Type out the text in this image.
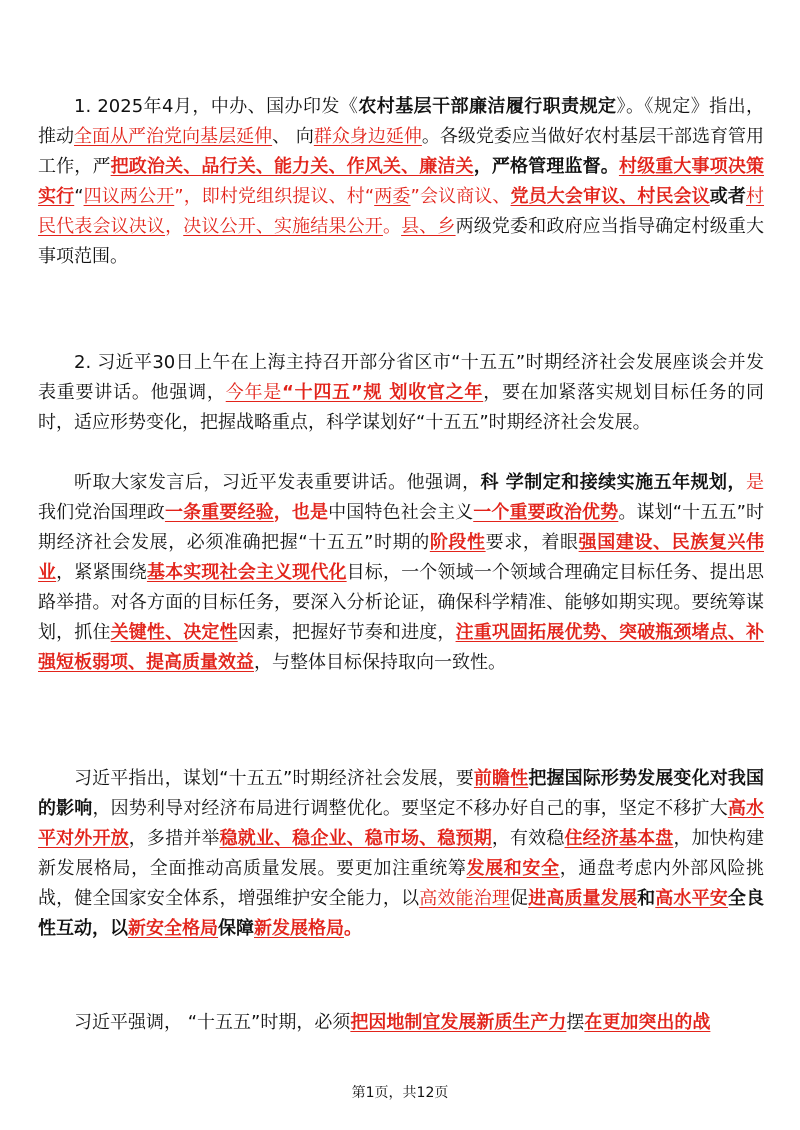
1. 2025年4月，中办、国办印发《农村基层干部廉洁履行职责规定》。《规定》指出，推动全面从严治党向基层延伸、 向群众身边延伸。各级党委应当做好农村基层干部选育管用工作，严把政治关、品行关、能力关、作风关、廉洁关，严格管理监督。村级重大事项决策实行“四议两公开”，即村党组织提议、村“两委”会议商议、党员大会审议、村民会议或者村民代表会议决议，决议公开、实施结果公开。县、乡两级党委和政府应当指导确定村级重大事项范围。

2. 习近平30日上午在上海主持召开部分省区市“十五五”时期经济社会发展座谈会并发表重要讲话。他强调，今年是“十四五”规 划收官之年，要在加紧落实规划目标任务的同时，适应形势变化，把握战略重点，科学谋划好“十五五”时期经济社会发展。

听取大家发言后，习近平发表重要讲话。他强调，科 学制定和接续实施五年规划，是我们党治国理政一条重要经验，也是中国特色社会主义一个重要政治优势。谋划“十五五”时期经济社会发展，必须准确把握“十五五”时期的阶段性要求，着眼强国建设、民族复兴伟业，紧紧围绕基本实现社会主义现代化目标，一个领域一个领域合理确定目标任务、提出思路举措。对各方面的目标任务，要深入分析论证，确保科学精准、能够如期实现。要统筹谋划，抓住关键性、决定性因素，把握好节奏和进度，注重巩固拓展优势、突破瓶颈堵点、补强短板弱项、提高质量效益，与整体目标保持取向一致性。

习近平指出，谋划“十五五”时期经济社会发展，要前瞻性把握国际形势发展变化对我国的影响，因势利导对经济布局进行调整优化。要坚定不移办好自己的事，坚定不移扩大高水平对外开放，多措并举稳就业、稳企业、稳市场、稳预期，有效稳住经济基本盘，加快构建新发展格局，全面推动高质量发展。要更加注重统筹发展和安全，通盘考虑内外部风险挑战，健全国家安全体系，增强维护安全能力，以高效能治理促进高质量发展和高水平安全良性互动，以新安全格局保障新发展格局。

习近平强调， “十五五”时期，必须把因地制宜发展新质生产力摆在更加突出的战

第1页，共12页
